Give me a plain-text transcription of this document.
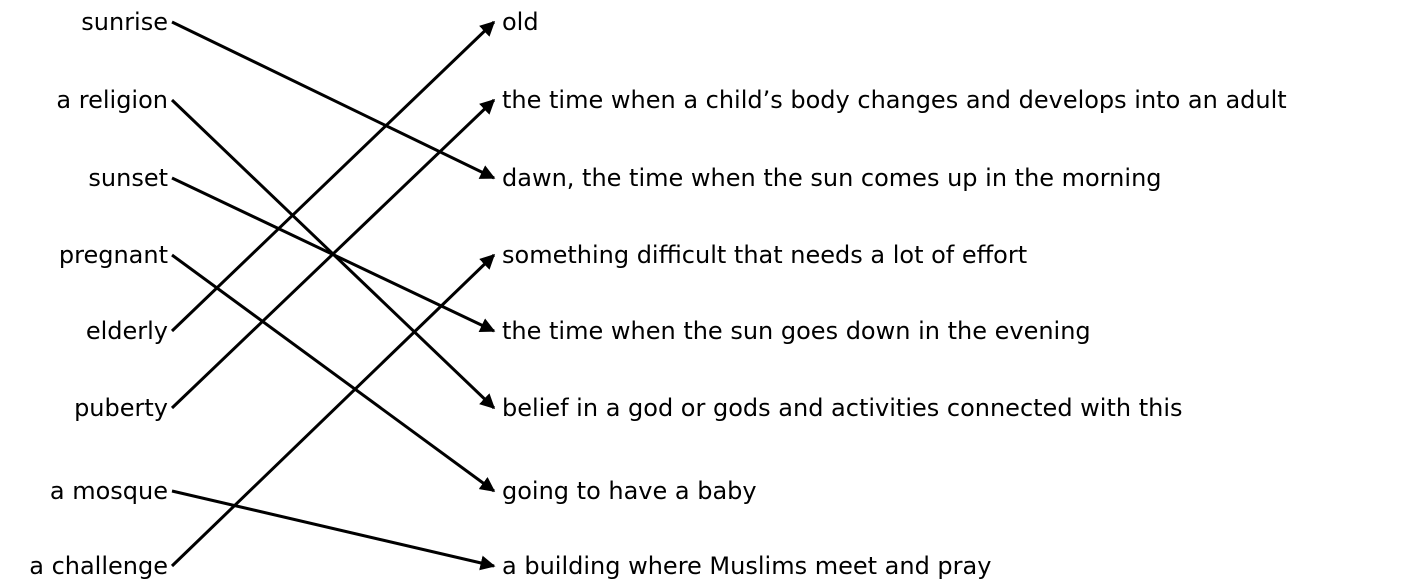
sunrise
a religion
sunset
pregnant
elderly
puberty
a mosque
a challenge
old
the time when a child’s body changes and develops into an adult
dawn, the time when the sun comes up in the morning
something difficult that needs a lot of effort
the time when the sun goes down in the evening
belief in a god or gods and activities connected with this
going to have a baby
a building where Muslims meet and pray
